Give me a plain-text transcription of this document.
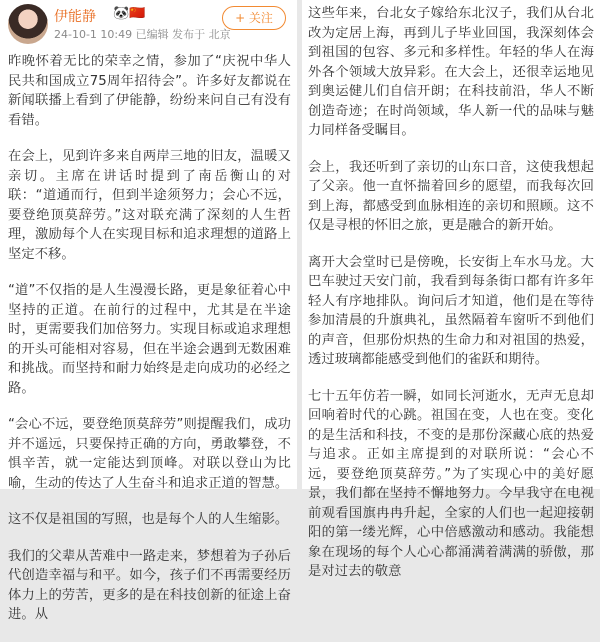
伊能静 🐼🇨🇳
24-10-1 10:49 已编辑 发布于 北京
+ 关注

昨晚怀着无比的荣幸之情，参加了“庆祝中华人民共和国成立75周年招待会”。许多好友都说在新闻联播上看到了伊能静，纷纷来问自己有没有看错。

在会上，见到许多来自两岸三地的旧友，温暖又亲切。主席在讲话时提到了南岳衡山的对联：“道通而行，但到半途须努力；会心不远，要登绝顶莫辞劳。”这对联充满了深刻的人生哲理，激励每个人在实现目标和追求理想的道路上坚定不移。

“道”不仅指的是人生漫漫长路，更是象征着心中坚持的正道。在前行的过程中，尤其是在半途时，更需要我们加倍努力。实现目标或追求理想的开头可能相对容易，但在半途会遇到无数困难和挑战。而坚持和耐力始终是走向成功的必经之路。

“会心不远，要登绝顶莫辞劳”则提醒我们，成功并不遥远，只要保持正确的方向，勇敢攀登，不惧辛苦，就一定能达到顶峰。对联以登山为比喻，生动的传达了人生奋斗和追求正道的智慧。

这不仅是祖国的写照，也是每个人的人生缩影。

我们的父辈从苦难中一路走来，梦想着为子孙后代创造幸福与和平。如今，孩子们不再需要经历体力上的劳苦，更多的是在科技创新的征途上奋进。从

这些年来，台北女子嫁给东北汉子，我们从台北改为定居上海，再到儿子毕业回国，我深刻体会到祖国的包容、多元和多样性。年轻的华人在海外各个领域大放异彩。在大会上，还很幸运地见到奥运健儿们自信开朗；在科技前沿，华人不断创造奇迹；在时尚领域，华人新一代的品味与魅力同样备受瞩目。

会上，我还听到了亲切的山东口音，这使我想起了父亲。他一直怀揣着回乡的愿望，而我每次回到上海，都感受到血脉相连的亲切和照顾。这不仅是寻根的怀旧之旅，更是融合的新开始。

离开大会堂时已是傍晚，长安街上车水马龙。大巴车驶过天安门前，我看到每条街口都有许多年轻人有序地排队。询问后才知道，他们是在等待参加清晨的升旗典礼，虽然隔着车窗听不到他们的声音，但那份炽热的生命力和对祖国的热爱，透过玻璃都能感受到他们的雀跃和期待。

七十五年仿若一瞬，如同长河逝水，无声无息却回响着时代的心跳。祖国在变，人也在变。变化的是生活和科技，不变的是那份深藏心底的热爱与追求。正如主席提到的对联所说：“会心不远，要登绝顶莫辞劳。”为了实现心中的美好愿景，我们都在坚持不懈地努力。今早我守在电视前观看国旗冉冉升起，全家的人们也一起迎接朝阳的第一缕光辉，心中倍感激动和感动。我能想象在现场的每个人心心都涌满着满满的骄傲，那是对过去的敬意
